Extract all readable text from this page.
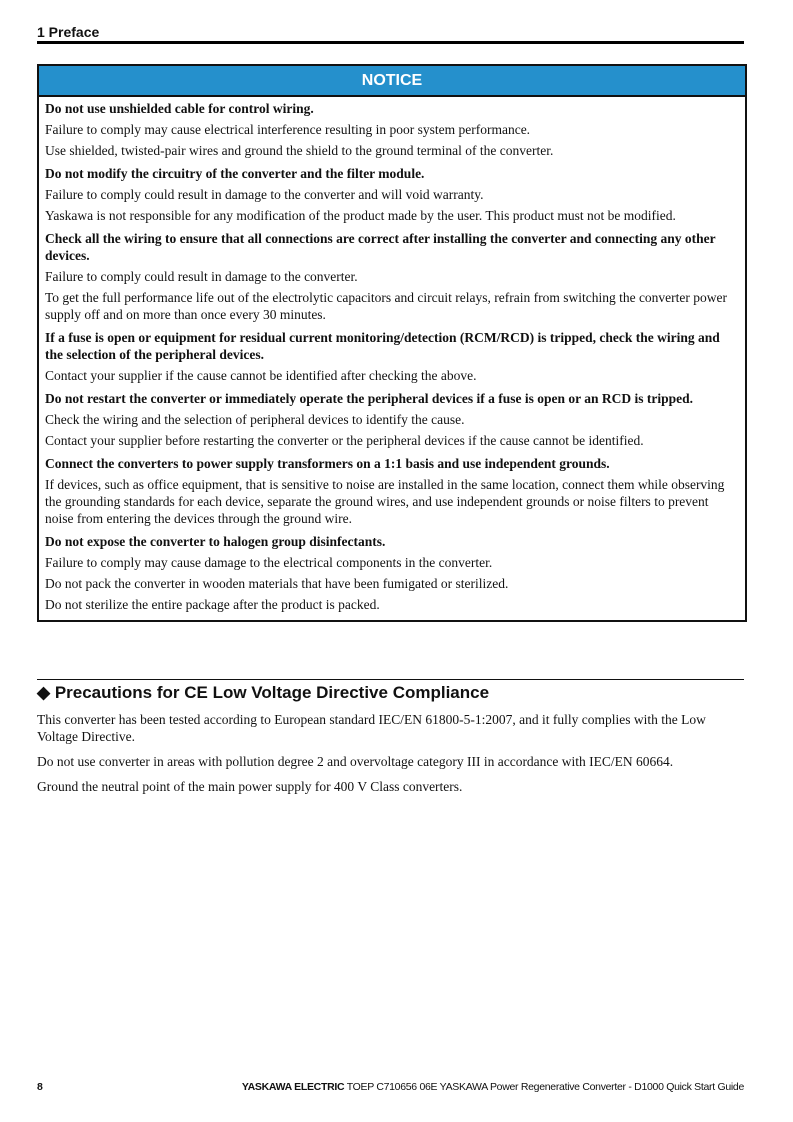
1 Preface
NOTICE
Do not use unshielded cable for control wiring.
Failure to comply may cause electrical interference resulting in poor system performance.
Use shielded, twisted-pair wires and ground the shield to the ground terminal of the converter.
Do not modify the circuitry of the converter and the filter module.
Failure to comply could result in damage to the converter and will void warranty.
Yaskawa is not responsible for any modification of the product made by the user. This product must not be modified.
Check all the wiring to ensure that all connections are correct after installing the converter and connecting any other devices.
Failure to comply could result in damage to the converter.
To get the full performance life out of the electrolytic capacitors and circuit relays, refrain from switching the converter power supply off and on more than once every 30 minutes.
If a fuse is open or equipment for residual current monitoring/detection (RCM/RCD) is tripped, check the wiring and the selection of the peripheral devices.
Contact your supplier if the cause cannot be identified after checking the above.
Do not restart the converter or immediately operate the peripheral devices if a fuse is open or an RCD is tripped.
Check the wiring and the selection of peripheral devices to identify the cause.
Contact your supplier before restarting the converter or the peripheral devices if the cause cannot be identified.
Connect the converters to power supply transformers on a 1:1 basis and use independent grounds.
If devices, such as office equipment, that is sensitive to noise are installed in the same location, connect them while observing the grounding standards for each device, separate the ground wires, and use independent grounds or noise filters to prevent noise from entering the devices through the ground wire.
Do not expose the converter to halogen group disinfectants.
Failure to comply may cause damage to the electrical components in the converter.
Do not pack the converter in wooden materials that have been fumigated or sterilized.
Do not sterilize the entire package after the product is packed.
◆ Precautions for CE Low Voltage Directive Compliance

This converter has been tested according to European standard IEC/EN 61800-5-1:2007, and it fully complies with the Low Voltage Directive.

Do not use converter in areas with pollution degree 2 and overvoltage category III in accordance with IEC/EN 60664.

Ground the neutral point of the main power supply for 400 V Class converters.

8	YASKAWA ELECTRIC TOEP C710656 06E YASKAWA Power Regenerative Converter - D1000 Quick Start Guide
